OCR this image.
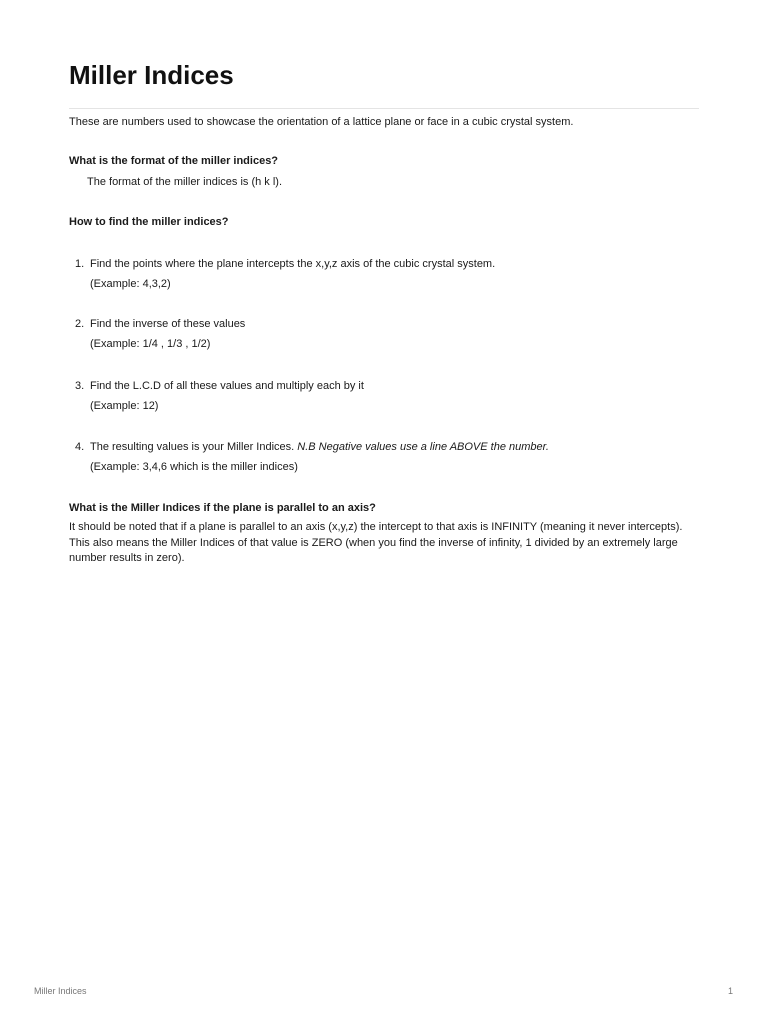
Miller Indices

These are numbers used to showcase the orientation of a lattice plane or face in a cubic crystal system.

What is the format of the miller indices?

The format of the miller indices is (h k l).

How to find the miller indices?

1. Find the points where the plane intercepts the x,y,z axis of the cubic crystal system.
(Example: 4,3,2)
2. Find the inverse of these values
(Example: 1/4 , 1/3 , 1/2)
3. Find the L.C.D of all these values and multiply each by it
(Example: 12)
4. The resulting values is your Miller Indices. N.B Negative values use a line ABOVE the number.
(Example: 3,4,6 which is the miller indices)

What is the Miller Indices if the plane is parallel to an axis?

It should be noted that if a plane is parallel to an axis (x,y,z) the intercept to that axis is INFINITY (meaning it never intercepts). This also means the Miller Indices of that value is ZERO (when you find the inverse of infinity, 1 divided by an extremely large number results in zero).

Miller Indices	1
